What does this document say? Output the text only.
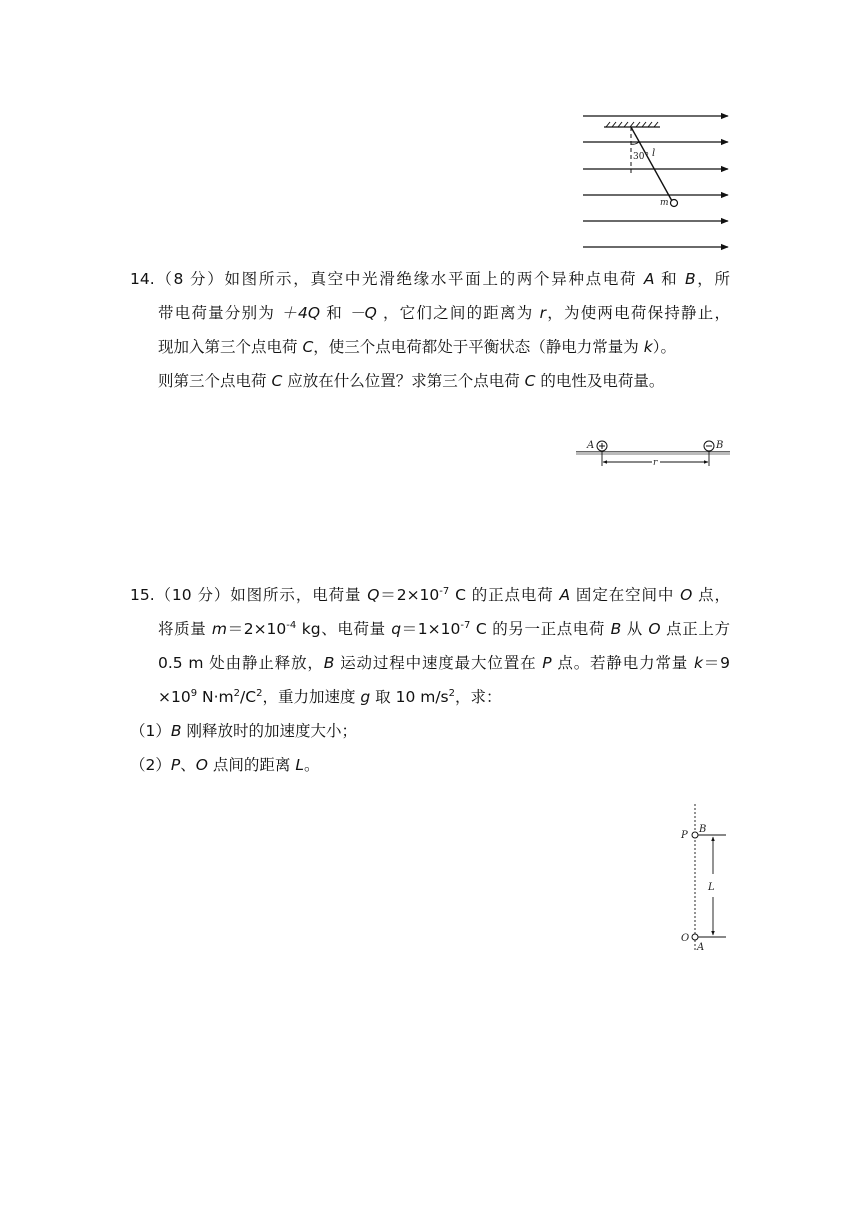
30° l
m
14.（8 分）如图所示，真空中光滑绝缘水平面上的两个异种点电荷 A 和 B，所
带电荷量分别为 ＋4Q 和 －Q ，它们之间的距离为 r，为使两电荷保持静止，
现加入第三个点电荷 C，使三个点电荷都处于平衡状态（静电力常量为 k）。
则第三个点电荷 C 应放在什么位置？求第三个点电荷 C 的电性及电荷量。
A	B
r
15.（10 分）如图所示，电荷量 $Q=2\times 10^{-7}$ C 的正点电荷 A 固定在空间中 O 点，
将质量 $m=2\times 10^{-4}$ kg、电荷量 $q=1\times 10^{-7}$ C 的另一正点电荷 B 从 O 点正上方
0.5 m 处由静止释放，B 运动过程中速度最大位置在 P 点。若静电力常量 k＝9
$\times 10^9$ $N\cdot m^2/C^2$，重力加速度 g 取 10 $m/s^2$，求：
（1）B 刚释放时的加速度大小；
（2）P、O 点间的距离 L。
P
B
L
O
A
